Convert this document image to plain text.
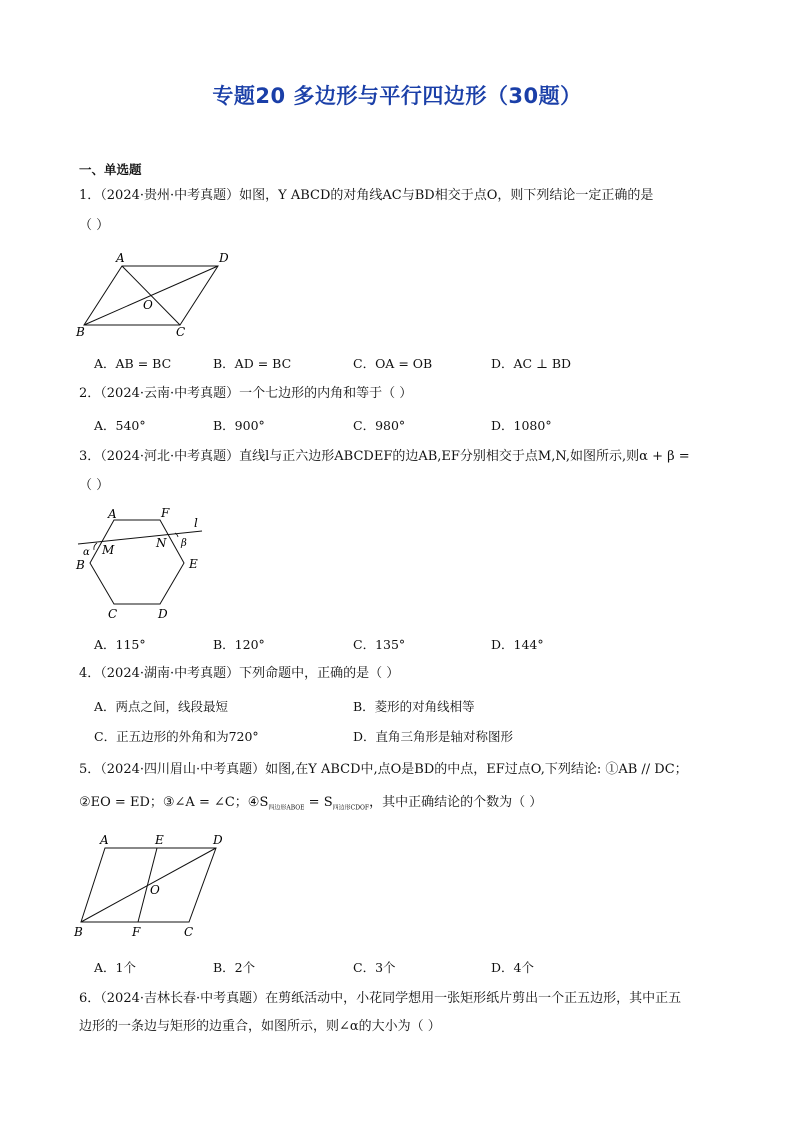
专题20 多边形与平行四边形（30题）
一、单选题
1．（2024·贵州·中考真题）如图，Y ABCD的对角线AC与BD相交于点O，则下列结论一定正确的是
（ ）
A	D
O
B	C
A．AB = BC	B．AD = BC	C．OA = OB	D．AC ⊥ BD
2．（2024·云南·中考真题）一个七边形的内角和等于（ ）
A．540°	B．900°	C．980°	D．1080°
3．（2024·河北·中考真题）直线l与正六边形ABCDEF的边AB,EF分别相交于点M,N,如图所示,则α + β =
（ ）
A	F
l
α M	N β
B	E
C	D
A．115°	B．120°	C．135°	D．144°
4．（2024·湖南·中考真题）下列命题中，正确的是（ ）
A．两点之间，线段最短	B．菱形的对角线相等
C．正五边形的外角和为720°	D．直角三角形是轴对称图形
5．（2024·四川眉山·中考真题）如图,在Y ABCD中,点O是BD的中点，EF过点O,下列结论: ①AB // DC；
②EO = ED；③∠A = ∠C；$④S_{四边形ABOE} = S_{四边形CDOF}$，其中正确结论的个数为（ ）
A	E	D
O
B	F	C
A．1个	B．2个	C．3个	D．4个
6．（2024·吉林长春·中考真题）在剪纸活动中，小花同学想用一张矩形纸片剪出一个正五边形，其中正五
边形的一条边与矩形的边重合，如图所示，则∠α的大小为（ ）
